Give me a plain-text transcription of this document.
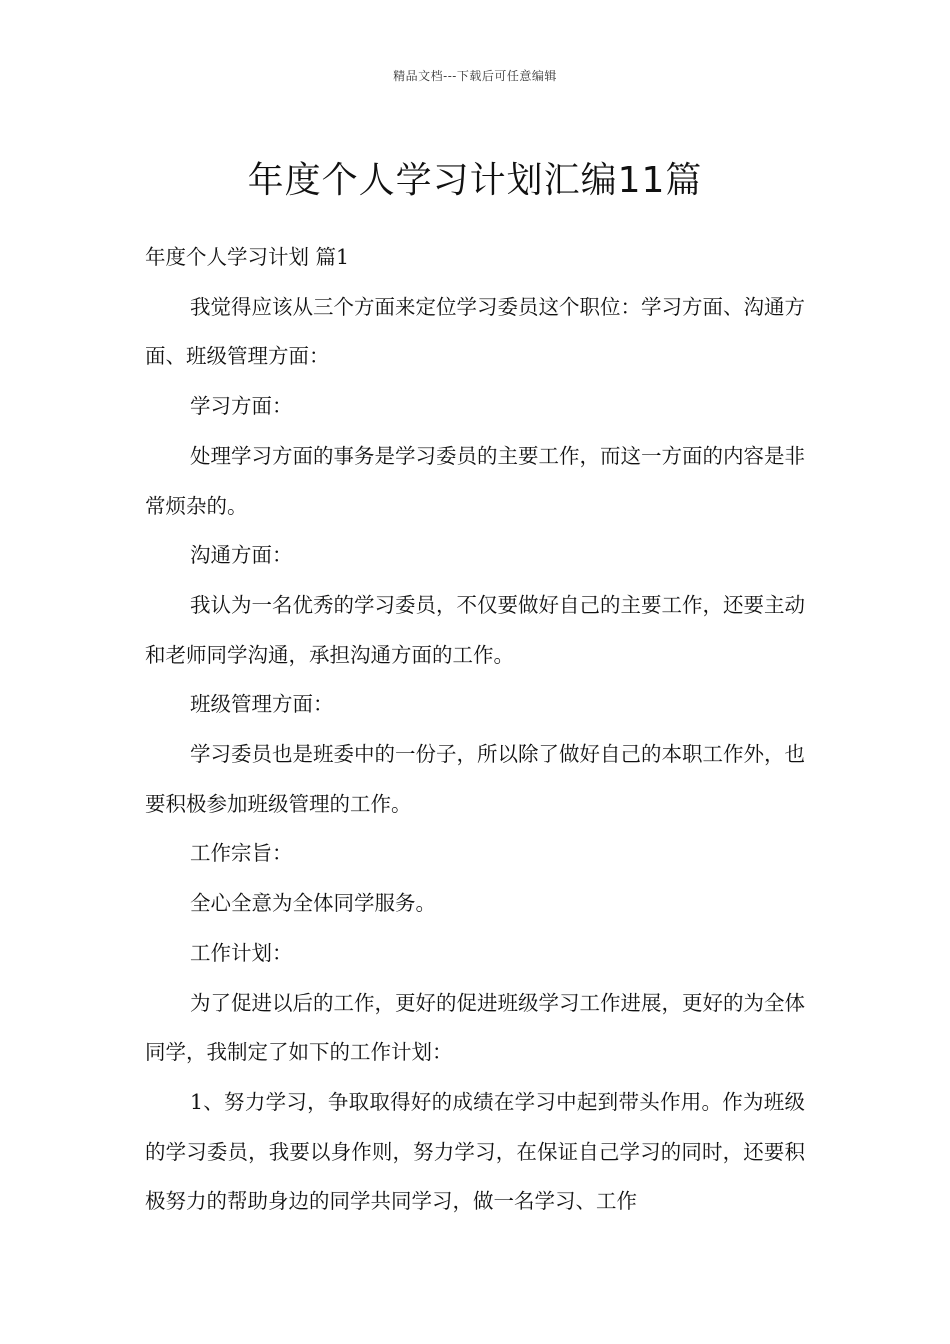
精品文档---下载后可任意编辑
年度个人学习计划汇编11篇

年度个人学习计划 篇1

我觉得应该从三个方面来定位学习委员这个职位：学习方面、沟通方面、班级管理方面：

学习方面：

处理学习方面的事务是学习委员的主要工作，而这一方面的内容是非常烦杂的。

沟通方面：

我认为一名优秀的学习委员，不仅要做好自己的主要工作，还要主动和老师同学沟通，承担沟通方面的工作。

班级管理方面：

学习委员也是班委中的一份子，所以除了做好自己的本职工作外，也要积极参加班级管理的工作。

工作宗旨：

全心全意为全体同学服务。

工作计划：

为了促进以后的工作，更好的促进班级学习工作进展，更好的为全体同学，我制定了如下的工作计划：

1、努力学习，争取取得好的成绩在学习中起到带头作用。作为班级的学习委员，我要以身作则，努力学习，在保证自己学习的同时，还要积极努力的帮助身边的同学共同学习，做一名学习、工作
